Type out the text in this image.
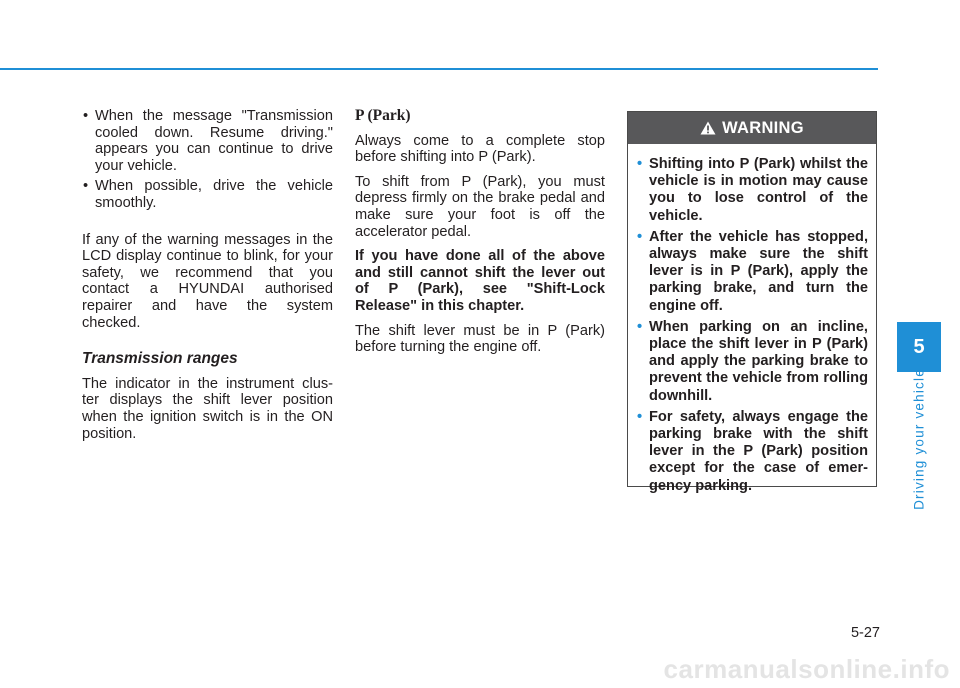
• When the message "Transmission cooled down. Resume driving." appears you can continue to drive your vehicle.
• When possible, drive the vehicle smoothly.

If any of the warning messages in the LCD display continue to blink, for your safety, we recommend that you contact a HYUNDAI authorised repairer and have the system checked.

Transmission ranges

The indicator in the instrument clus- ter displays the shift lever position when the ignition switch is in the ON position.

P (Park)

Always come to a complete stop before shifting into P (Park).

To shift from P (Park), you must depress firmly on the brake pedal and make sure your foot is off the accelerator pedal.

If you have done all of the above and still cannot shift the lever out of P (Park), see "Shift-Lock Release" in this chapter.

The shift lever must be in P (Park) before turning the engine off.

WARNING
• Shifting into P (Park) whilst the vehicle is in motion may cause you to lose control of the vehicle.
• After the vehicle has stopped, always make sure the shift lever is in P (Park), apply the parking brake, and turn the engine off.
• When parking on an incline, place the shift lever in P (Park) and apply the parking brake to prevent the vehicle from rolling downhill.
• For safety, always engage the parking brake with the shift lever in the P (Park) position except for the case of emer- gency parking.
5
Driving your vehicle
5-27
carmanualsonline.info
